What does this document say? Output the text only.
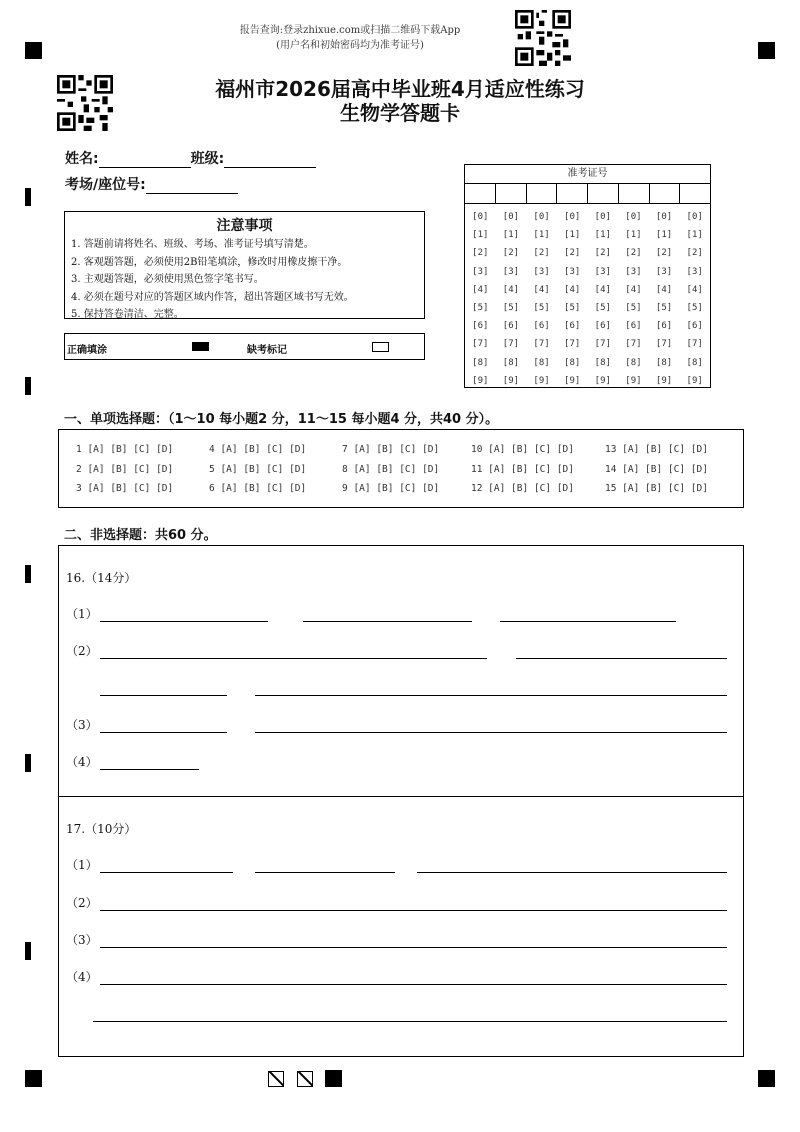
报告查询:登录zhixue.com或扫描二维码下载App
(用户名和初始密码均为准考证号)
福州市2026届高中毕业班4月适应性练习
生物学答题卡
姓名:	班级:
考场/座位号:
注意事项
1. 答题前请将姓名、班级、考场、准考证号填写清楚。
2. 客观题答题，必须使用2B铅笔填涂，修改时用橡皮擦干净。
3. 主观题答题，必须使用黑色签字笔书写。
4. 必须在题号对应的答题区域内作答，超出答题区域书写无效。
5. 保持答卷清洁、完整。
正确填涂	缺考标记
准考证号
[0]
[1]
[2]
[3]
[4]
[5]
[6]
[7]
[8]
[9]
[0]
[1]
[2]
[3]
[4]
[5]
[6]
[7]
[8]
[9]
[0]
[1]
[2]
[3]
[4]
[5]
[6]
[7]
[8]
[9]
[0]
[1]
[2]
[3]
[4]
[5]
[6]
[7]
[8]
[9]
[0]
[1]
[2]
[3]
[4]
[5]
[6]
[7]
[8]
[9]
[0]
[1]
[2]
[3]
[4]
[5]
[6]
[7]
[8]
[9]
[0]
[1]
[2]
[3]
[4]
[5]
[6]
[7]
[8]
[9]
[0]
[1]
[2]
[3]
[4]
[5]
[6]
[7]
[8]
[9]
一、单项选择题：（1～10 每小题2 分，11～15 每小题4 分，共40 分）。
1 [A] [B] [C] [D]
2 [A] [B] [C] [D]
3 [A] [B] [C] [D]
4 [A] [B] [C] [D]
5 [A] [B] [C] [D]
6 [A] [B] [C] [D]
7 [A] [B] [C] [D]
8 [A] [B] [C] [D]
9 [A] [B] [C] [D]
10 [A] [B] [C] [D]
11 [A] [B] [C] [D]
12 [A] [B] [C] [D]
13 [A] [B] [C] [D]
14 [A] [B] [C] [D]
15 [A] [B] [C] [D]
二、非选择题：共60 分。
16.（14分）
（1）
（2）
（3）
（4）
17.（10分）
（1）
（2）
（3）
（4）
